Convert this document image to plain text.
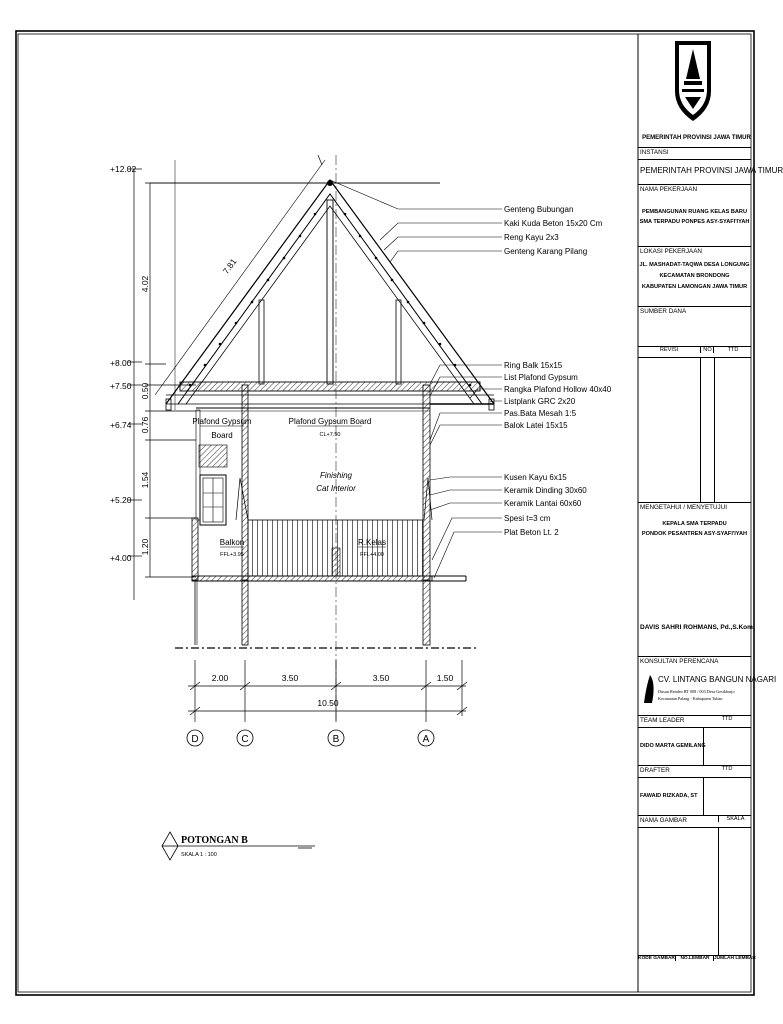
+12.02
+8.00
+7.50
+6.74
+5.20
+4.00
4.02
0.50
0.76
1.54
1.20
7.81
Genteng Bubungan
Kaki Kuda Beton 15x20 Cm
Reng Kayu 2x3
Genteng Karang Pilang
Ring Balk 15x15
List Plafond Gypsum
Rangka Plafond Hollow 40x40
Listplank GRC 2x20
Pas.Bata Mesah 1:5
Balok Latei 15x15
Kusen Kayu 6x15
Keramik Dinding 30x60
Keramik Lantai 60x60
Spesi t=3 cm
Plat Beton Lt. 2
Plafond Gypsum
Board
Plafond Gypsum Board
CL+7.50
Finishing
Cat Interior
Balkon
FFL+3.95
R.Kelas
FFL+4.00
2.00	3.50	3.50	1.50
10.50
D	C	B	A
POTONGAN B
SKALA 1 : 100
PEMERINTAH PROVINSI JAWA TIMUR
INSTANSI
PEMERINTAH PROVINSI JAWA TIMUR
NAMA PEKERJAAN
PEMBANGUNAN RUANG KELAS BARU
SMA TERPADU PONPES ASY-SYAFI'IYAH
LOKASI PEKERJAAN
JL. MASHADAT-TAQWA DESA LONGUNG
KECAMATAN BRONDONG
KABUPATEN LAMONGAN JAWA TIMUR
SUMBER DANA
REVISI	NO	TTD
MENGETAHUI / MENYETUJUI
KEPALA SMA TERPADU
PONDOK PESANTREN ASY-SYAFI'IYAH
DAVIS SAHRI ROHMANS, Pd.,S.Kom
KONSULTAN PERENCANA
CV. LINTANG BANGUN NAGARI
Dusun Rendeo RT 008 / 003 Desa Gesikharjo
Kecamatan Palang - Kabupaten Tuban
TEAM LEADER	TTD
DIDO MARTA GEMILANG
DRAFTER	TTD
FAWAID RIZKADA, ST
NAMA GAMBAR	SKALA
KODE GAMBAR	NO.LEMBAR JUMLAH LEMBAR
